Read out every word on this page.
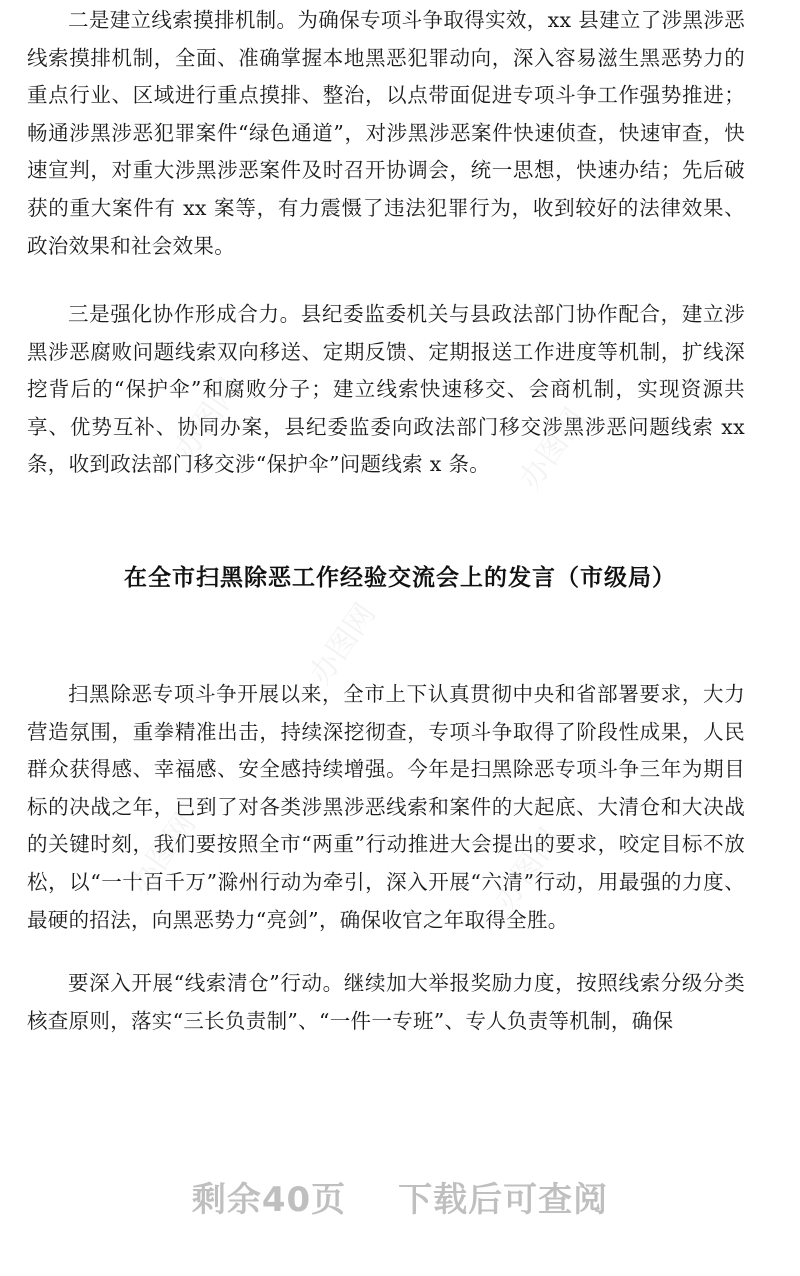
二是建立线索摸排机制。为确保专项斗争取得实效，xx 县建立了涉黑涉恶线索摸排机制，全面、准确掌握本地黑恶犯罪动向，深入容易滋生黑恶势力的重点行业、区域进行重点摸排、整治，以点带面促进专项斗争工作强势推进；畅通涉黑涉恶犯罪案件“绿色通道”，对涉黑涉恶案件快速侦查，快速审查，快速宣判，对重大涉黑涉恶案件及时召开协调会，统一思想，快速办结；先后破获的重大案件有 xx 案等，有力震慑了违法犯罪行为，收到较好的法律效果、政治效果和社会效果。

三是强化协作形成合力。县纪委监委机关与县政法部门协作配合，建立涉黑涉恶腐败问题线索双向移送、定期反馈、定期报送工作进度等机制，扩线深挖背后的“保护伞”和腐败分子；建立线索快速移交、会商机制，实现资源共享、优势互补、协同办案，县纪委监委向政法部门移交涉黑涉恶问题线索 xx 条，收到政法部门移交涉“保护伞”问题线索 x 条。

在全市扫黑除恶工作经验交流会上的发言（市级局）

扫黑除恶专项斗争开展以来，全市上下认真贯彻中央和省部署要求，大力营造氛围，重拳精准出击，持续深挖彻查，专项斗争取得了阶段性成果，人民群众获得感、幸福感、安全感持续增强。今年是扫黑除恶专项斗争三年为期目标的决战之年，已到了对各类涉黑涉恶线索和案件的大起底、大清仓和大决战的关键时刻，我们要按照全市“两重”行动推进大会提出的要求，咬定目标不放松，以“一十百千万”滁州行动为牵引，深入开展“六清”行动，用最强的力度、最硬的招法，向黑恶势力“亮剑”，确保收官之年取得全胜。

要深入开展“线索清仓”行动。继续加大举报奖励力度，按照线索分级分类核查原则，落实“三长负责制”、“一件一专班”、专人负责等机制，确保

办图网	办图网
办图网
办图网	办图网
剩余40页 下载后可查阅
